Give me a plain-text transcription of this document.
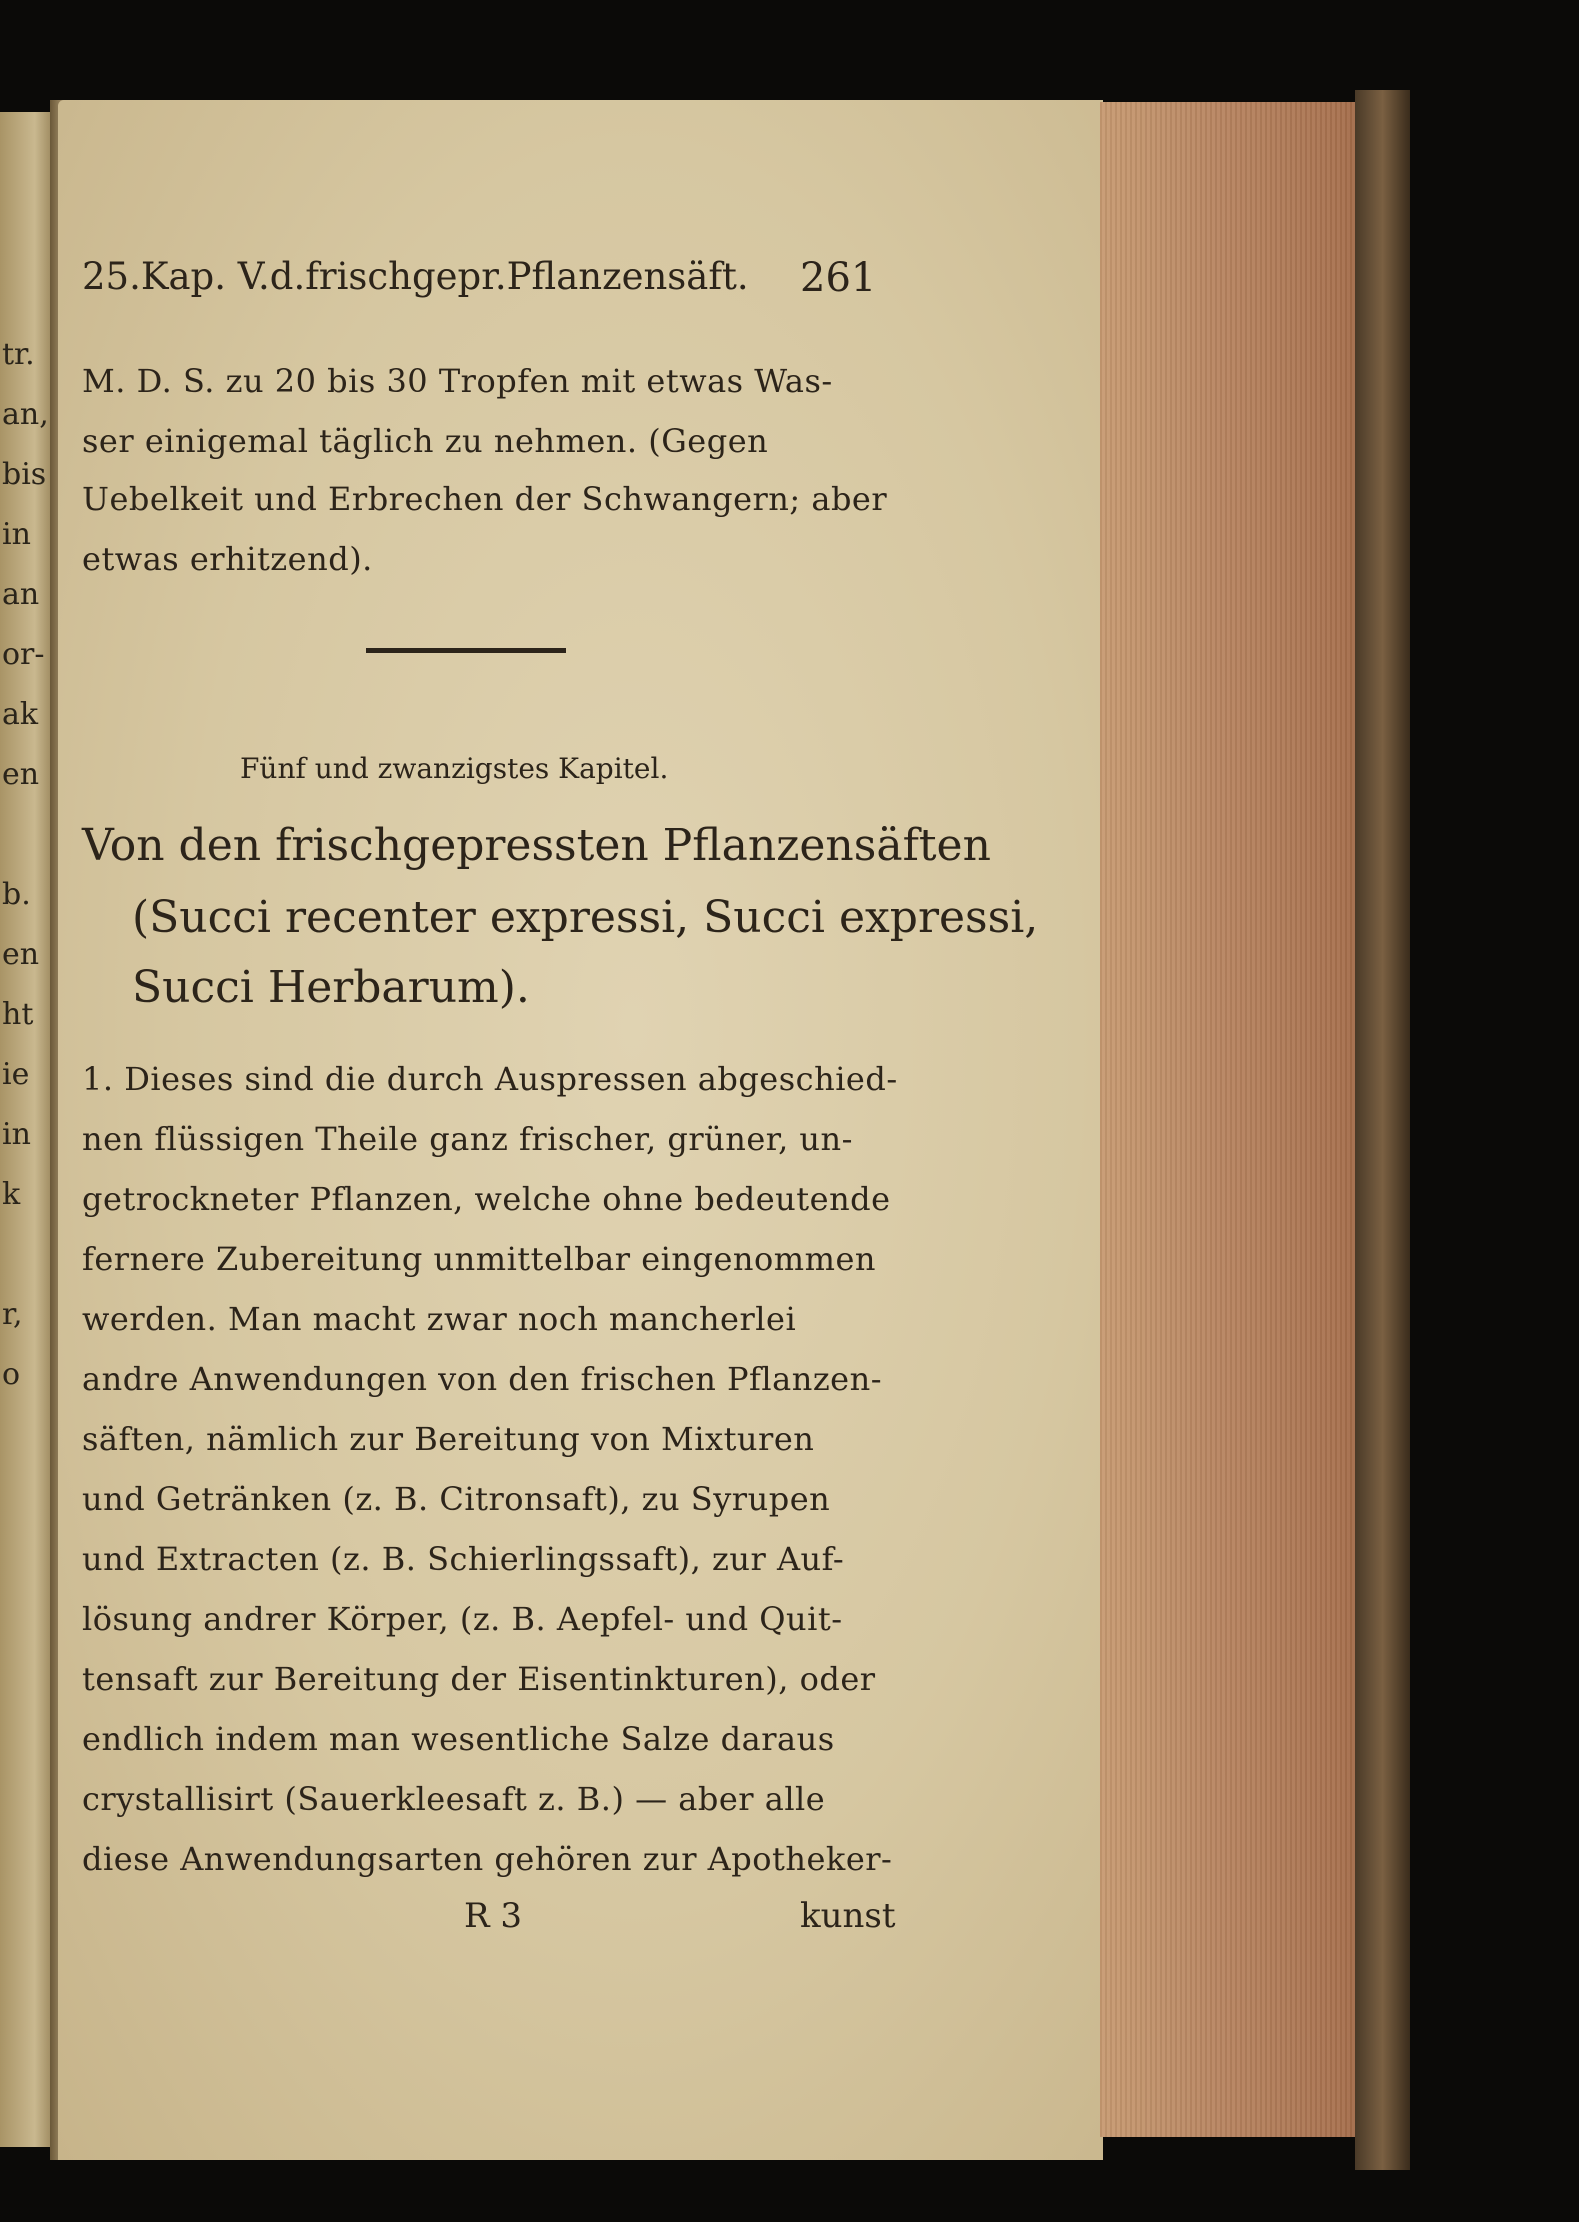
tr.
an,
bis
in
an
or-
ak
en
b.
en
ht
ie
in
k
r,
o
25.Kap. V.d.frischgepr.Pflanzensäft. 261
M. D. S. zu 20 bis 30 Tropfen mit etwas Was-
ser einigemal täglich zu nehmen. (Gegen
Uebelkeit und Erbrechen der Schwangern; aber
etwas erhitzend).
Fünf und zwanzigstes Kapitel.
Von den frischgepressten Pflanzensäften
(Succi recenter expressi, Succi expressi,
Succi Herbarum).
1. Dieses sind die durch Auspressen abgeschied-
nen flüssigen Theile ganz frischer, grüner, un-
getrockneter Pflanzen, welche ohne bedeutende
fernere Zubereitung unmittelbar eingenommen
werden. Man macht zwar noch mancherlei
andre Anwendungen von den frischen Pflanzen-
säften, nämlich zur Bereitung von Mixturen
und Getränken (z. B. Citronsaft), zu Syrupen
und Extracten (z. B. Schierlingssaft), zur Auf-
lösung andrer Körper, (z. B. Aepfel- und Quit-
tensaft zur Bereitung der Eisentinkturen), oder
endlich indem man wesentliche Salze daraus
crystallisirt (Sauerkleesaft z. B.) — aber alle
diese Anwendungsarten gehören zur Apotheker-
R 3	kunst
